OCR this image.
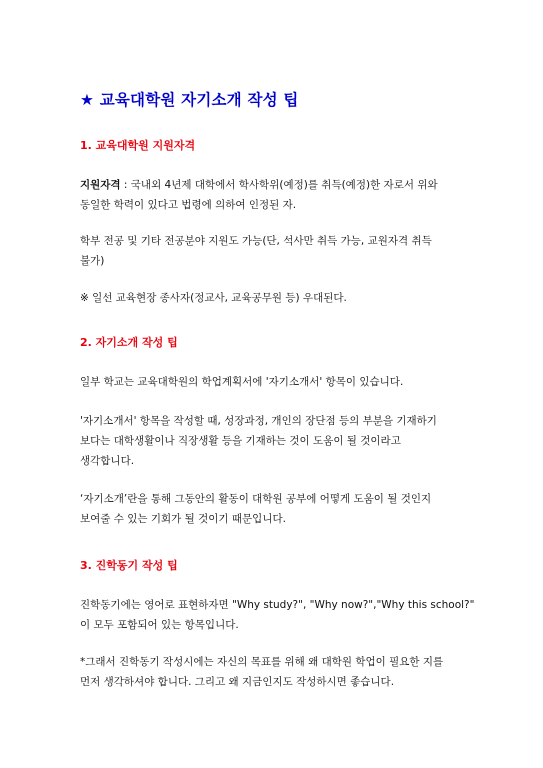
★ 교육대학원 자기소개 작성 팁
1. 교육대학원 지원자격
지원자격 : 국내외 4년제 대학에서 학사학위(예정)를 취득(예정)한 자로서 위와
동일한 학력이 있다고 법령에 의하여 인정된 자.
학부 전공 및 기타 전공분야 지원도 가능(단, 석사만 취득 가능, 교원자격 취득
불가)
※ 일선 교육현장 종사자(정교사, 교육공무원 등) 우대된다.
2. 자기소개 작성 팁
일부 학교는 교육대학원의 학업계획서에 '자기소개서' 항목이 있습니다.
'자기소개서' 항목을 작성할 때, 성장과정, 개인의 장단점 등의 부분을 기재하기
보다는 대학생활이나 직장생활 등을 기재하는 것이 도움이 될 것이라고
생각합니다.
‘자기소개’란을 통해 그동안의 활동이 대학원 공부에 어떻게 도움이 될 것인지
보여줄 수 있는 기회가 될 것이기 때문입니다.
3. 진학동기 작성 팁
진학동기에는 영어로 표현하자면 "Why study?", "Why now?","Why this school?"
이 모두 포함되어 있는 항목입니다.
*그래서 진학동기 작성시에는 자신의 목표를 위해 왜 대학원 학업이 필요한 지를
먼저 생각하셔야 합니다. 그리고 왜 지금인지도 작성하시면 좋습니다.
